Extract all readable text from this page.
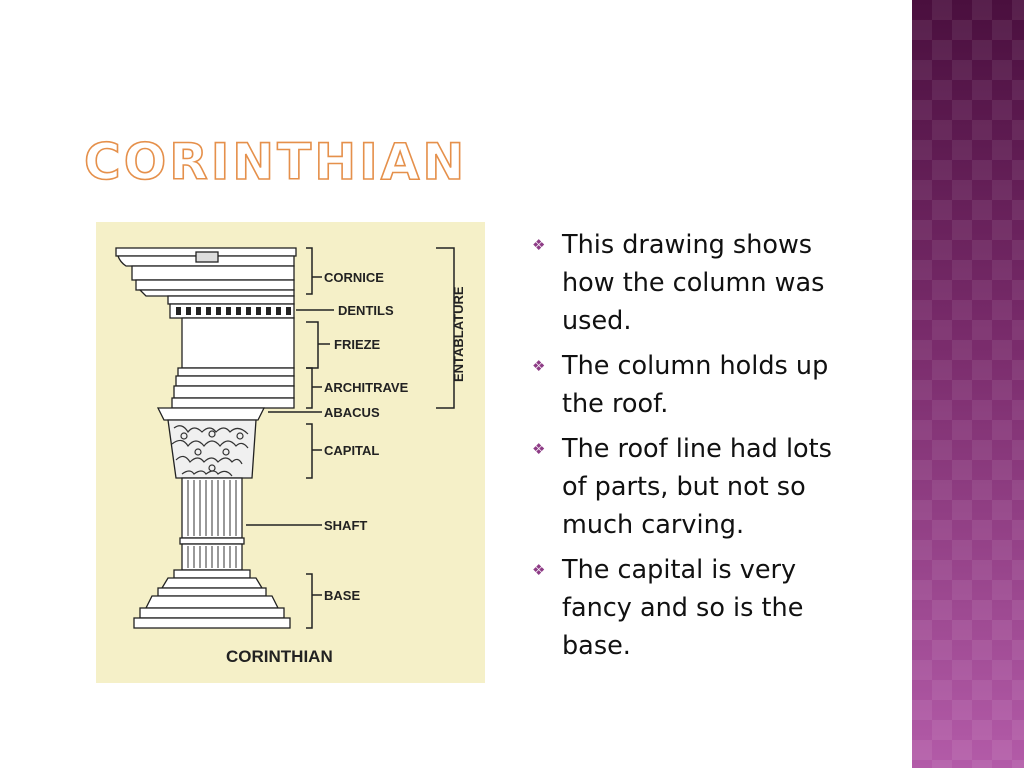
CORINTHIAN
CORNICE
DENTILS
FRIEZE
ARCHITRAVE
ABACUS
CAPITAL
SHAFT
BASE
ENTABLATURE
CORINTHIAN
❖ This drawing shows
how the column was
used.
❖ The column holds up
the roof.
❖ The roof line had lots
of parts, but not so
much carving.
❖ The capital is very
fancy and so is the
base.
